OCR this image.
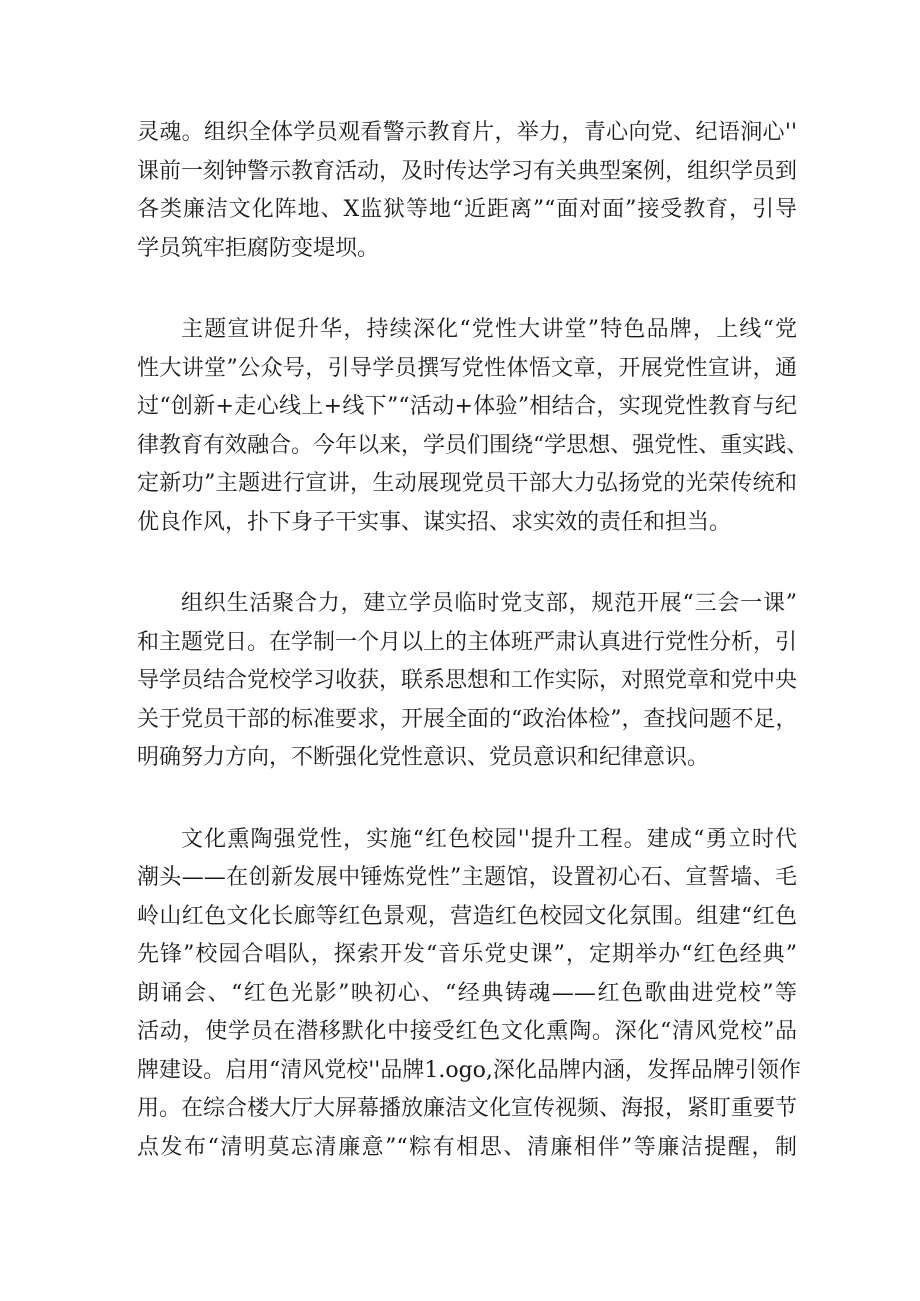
灵魂。组织全体学员观看警示教育片，举力，青心向党、纪语涧心''
课前一刻钟警示教育活动，及时传达学习有关典型案例，组织学员到
各类廉洁文化阵地、X监狱等地“近距离”“面对面”接受教育，引导
学员筑牢拒腐防变堤坝。
主题宣讲促升华，持续深化“党性大讲堂”特色品牌，上线“党
性大讲堂”公众号，引导学员撰写党性体悟文章，开展党性宣讲，通
过“创新+走心线上+线下”“活动+体验”相结合，实现党性教育与纪
律教育有效融合。今年以来，学员们围绕“学思想、强党性、重实践、
定新功”主题进行宣讲，生动展现党员干部大力弘扬党的光荣传统和
优良作风，扑下身子干实事、谋实招、求实效的责任和担当。
组织生活聚合力，建立学员临时党支部，规范开展“三会一课”
和主题党日。在学制一个月以上的主体班严肃认真进行党性分析，引
导学员结合党校学习收获，联系思想和工作实际，对照党章和党中央
关于党员干部的标准要求，开展全面的“政治体检”，查找问题不足，
明确努力方向，不断强化党性意识、党员意识和纪律意识。
文化熏陶强党性，实施“红色校园''提升工程。建成“勇立时代
潮头——在创新发展中锤炼党性”主题馆，设置初心石、宣誓墙、毛
岭山红色文化长廊等红色景观，营造红色校园文化氛围。组建“红色
先锋”校园合唱队，探索开发“音乐党史课”，定期举办“红色经典”
朗诵会、“红色光影”映初心、“经典铸魂——红色歌曲进党校”等
活动，使学员在潜移默化中接受红色文化熏陶。深化“清风党校”品
牌建设。启用“清风党校''品牌1.ogo,深化品牌内涵，发挥品牌引领作
用。在综合楼大厅大屏幕播放廉洁文化宣传视频、海报，紧盯重要节
点发布“清明莫忘清廉意”“粽有相思、清廉相伴”等廉洁提醒，制
